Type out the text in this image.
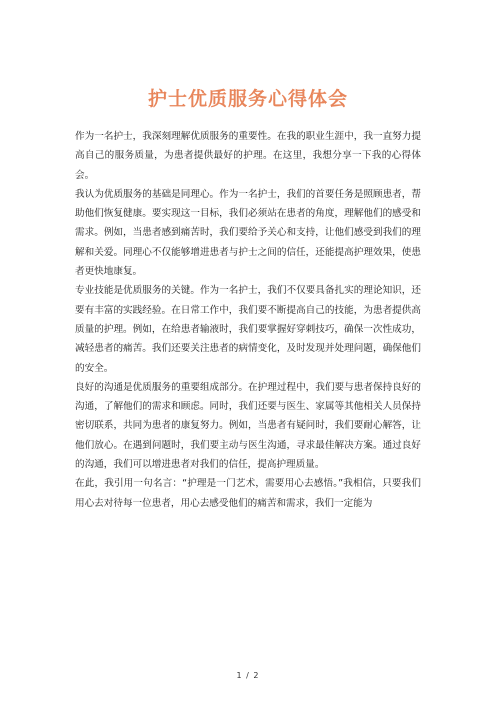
护士优质服务心得体会

作为一名护士，我深刻理解优质服务的重要性。在我的职业生涯中，我一直努力提高自己的服务质量，为患者提供最好的护理。在这里，我想分享一下我的心得体会。

我认为优质服务的基础是同理心。作为一名护士，我们的首要任务是照顾患者，帮助他们恢复健康。要实现这一目标，我们必须站在患者的角度，理解他们的感受和需求。例如，当患者感到痛苦时，我们要给予关心和支持，让他们感受到我们的理解和关爱。同理心不仅能够增进患者与护士之间的信任，还能提高护理效果，使患者更快地康复。

专业技能是优质服务的关键。作为一名护士，我们不仅要具备扎实的理论知识，还要有丰富的实践经验。在日常工作中，我们要不断提高自己的技能，为患者提供高质量的护理。例如，在给患者输液时，我们要掌握好穿刺技巧，确保一次性成功，减轻患者的痛苦。我们还要关注患者的病情变化，及时发现并处理问题，确保他们的安全。

良好的沟通是优质服务的重要组成部分。在护理过程中，我们要与患者保持良好的沟通，了解他们的需求和顾虑。同时，我们还要与医生、家属等其他相关人员保持密切联系，共同为患者的康复努力。例如，当患者有疑问时，我们要耐心解答，让他们放心。在遇到问题时，我们要主动与医生沟通，寻求最佳解决方案。通过良好的沟通，我们可以增进患者对我们的信任，提高护理质量。

在此，我引用一句名言：“护理是一门艺术，需要用心去感悟。”我相信，只要我们用心去对待每一位患者，用心去感受他们的痛苦和需求，我们一定能为

1 / 2
